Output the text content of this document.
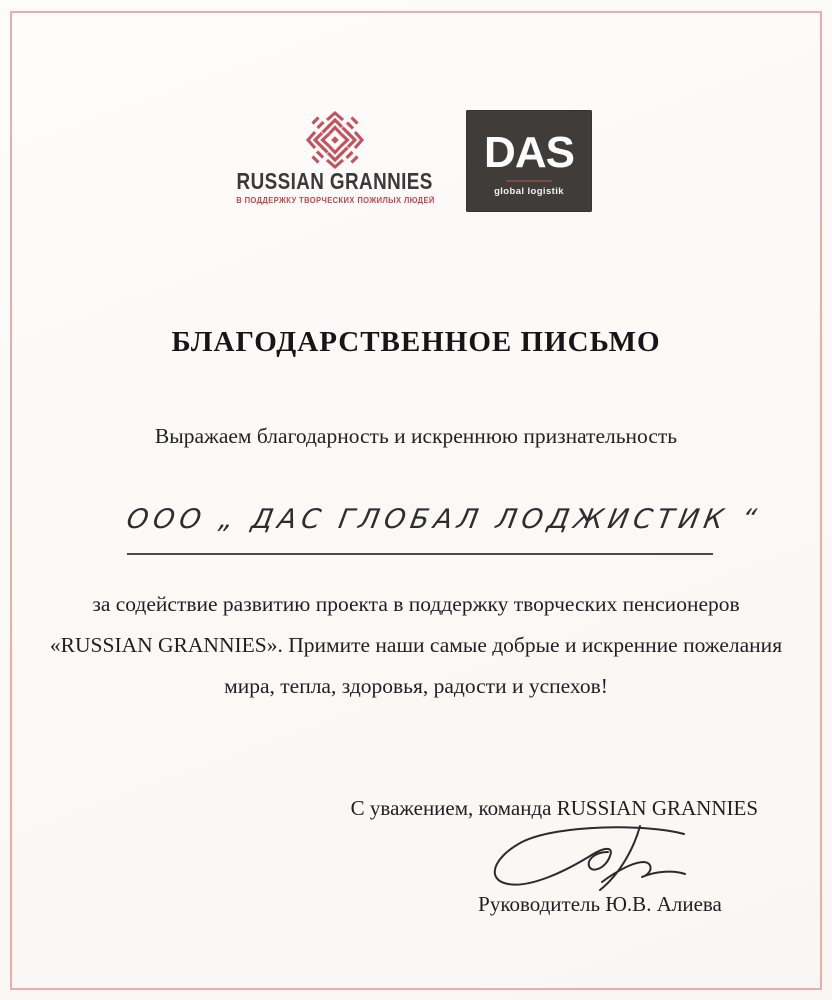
RUSSIAN GRANNIES
В ПОДДЕРЖКУ ТВОРЧЕСКИХ ПОЖИЛЫХ ЛЮДЕЙ
DAS
global logistik
БЛАГОДАРСТВЕННОЕ ПИСЬМО
Выражаем благодарность и искреннюю признательность
ООО „ ДАС ГЛОБАЛ ЛОДЖИСТИК “
за содействие развитию проекта в поддержку творческих пенсионеров
«RUSSIAN GRANNIES». Примите наши самые добрые и искренние пожелания
мира, тепла, здоровья, радости и успехов!
С уважением, команда RUSSIAN GRANNIES
Руководитель Ю.В. Алиева
